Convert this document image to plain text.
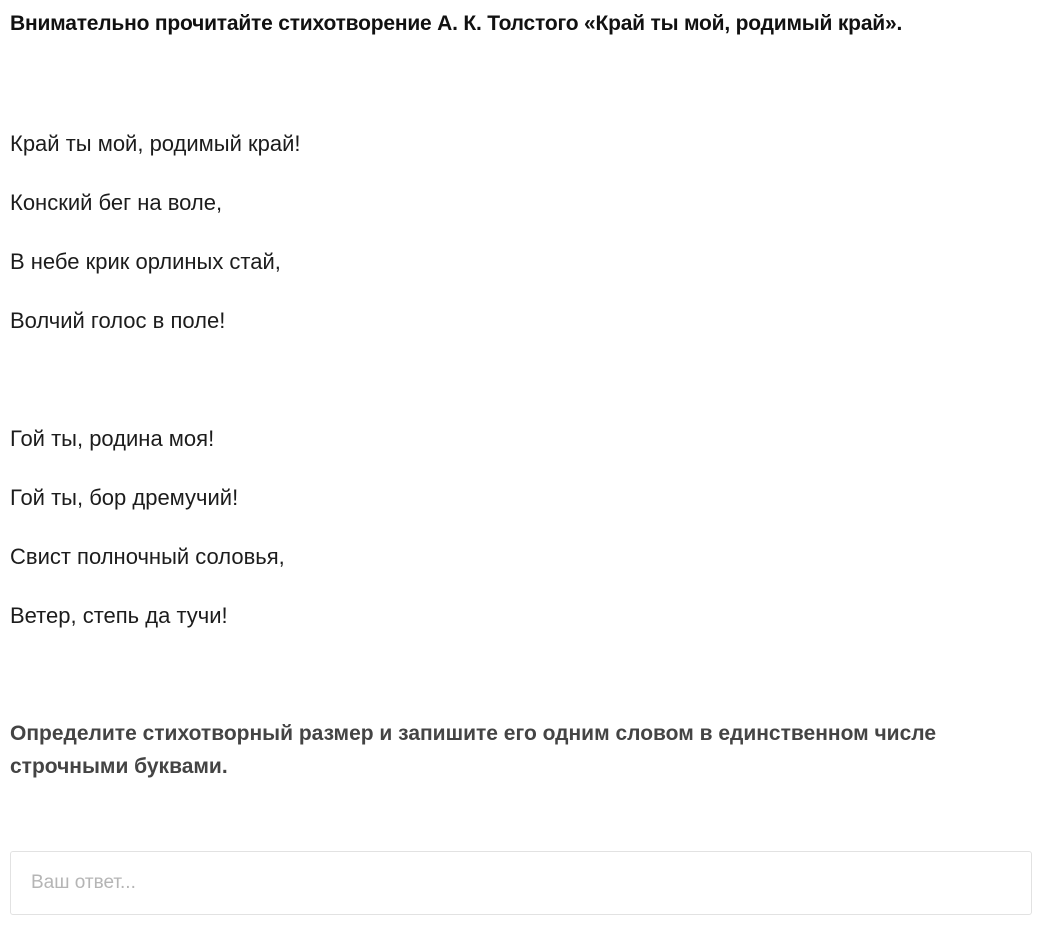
Внимательно прочитайте стихотворение А. К. Толстого «Край ты мой, родимый край».
Край ты мой, родимый край!
Конский бег на воле,
В небе крик орлиных стай,
Волчий голос в поле!
Гой ты, родина моя!
Гой ты, бор дремучий!
Свист полночный соловья,
Ветер, степь да тучи!
Определите стихотворный размер и запишите его одним словом в единственном числе строчными буквами.
Ваш ответ...
